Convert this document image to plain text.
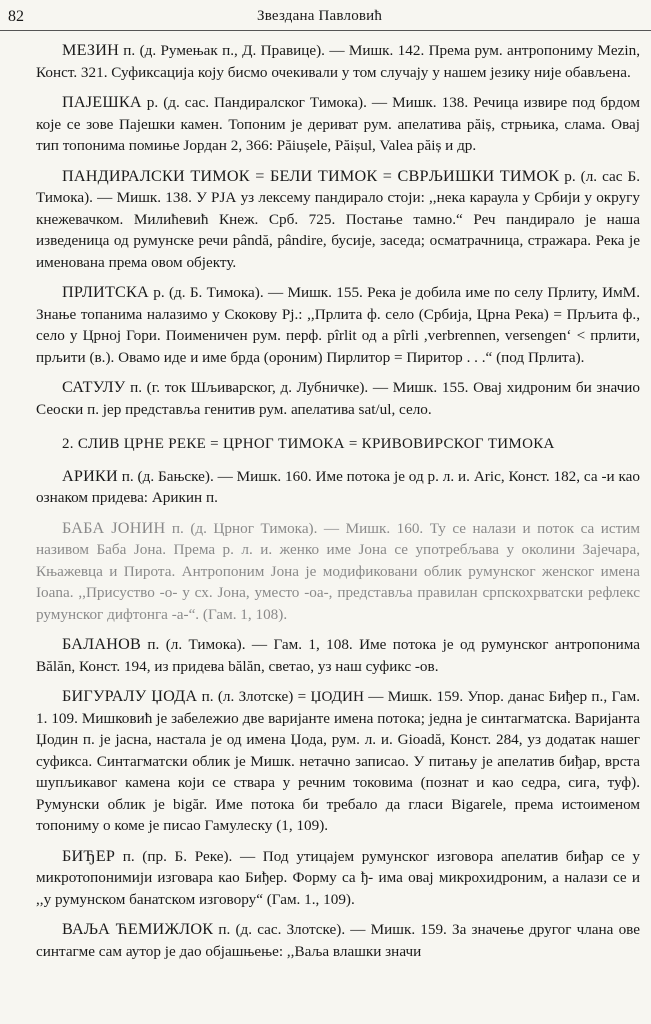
82	Звездана Павловић

МЕЗИН п. (д. Румењак п., Д. Правице). — Мишк. 142. Према рум. антропониму Mezin, Конст. 321. Суфиксација коју бисмо очекивали у том случају у нашем језику није обављена.

ПАЈЕШКА р. (д. сас. Пандиралског Тимока). — Мишк. 138. Речица извире под брдом које се зове Пајешки камен. Топоним је дериват рум. апелатива păiș, стрњика, слама. Овај тип топонима помиње Јордан 2, 366: Păiușele, Păișul, Valea păiș и др.

ПАНДИРАЛСКИ ТИМОК = БЕЛИ ТИМОК = СВРЉИШКИ ТИМОК р. (л. сас Б. Тимока). — Мишк. 138. У РЈА уз лексему пандирало стоји: ,,нека караула у Србији у округу кнежевачком. Милићевић Кнеж. Срб. 725. Постање тамно.“ Реч пандирало је наша изведеница од румунске речи pândă, pândire, бусије, заседа; осматрачница, стражара. Река је именована према овом објекту.

ПРЛИТСКА р. (д. Б. Тимока). — Мишк. 155. Река је добила име по селу Прлиту, ИмМ. Знање топанима налазимо у Скокову Рј.: ,,Прлита ф. село (Србија, Црна Река) = Прљита ф., село у Црној Гори. Поименичен рум. перф. pîrlit од a pîrli ,verbrennen, versengen‘ < прлити, прљити (в.). Овамо иде и име брда (ороним) Пирлитор = Пиритор . . .“ (под Прлита).

САТУЛУ п. (г. ток Шљиварског, д. Лубничке). — Мишк. 155. Овај хидроним би значио Сеоски п. јер представља генитив рум. апелатива sat/ul, село.

2. СЛИВ ЦРНЕ РЕКЕ = ЦРНОГ ТИМОКА = КРИВОВИРСКОГ ТИМОКА

АРИКИ п. (д. Бањске). — Мишк. 160. Име потока је од р. л. и. Aric, Конст. 182, са -и као ознаком придева: Арикин п.

БАБА ЈОНИН п. (д. Црног Тимока). — Мишк. 160. Ту се налази и поток са истим називом Баба Јона. Према р. л. и. женко име Јона се употребљава у околини Зајечара, Књажевца и Пирота. Антропоним Јона је модификовани облик румунског женског имена Ioana. ,,Присуство -о- у сх. Јона, уместо -оа-, представља правилан српскохрватски рефлекс румунског дифтонга -а-“. (Гам. 1, 108).

БАЛАНОВ п. (л. Тимока). — Гам. 1, 108. Име потока је од румунског антропонима Bălăn, Конст. 194, из придева bălăn, светао, уз наш суфикс -ов.

БИГУРАЛУ ЏОДА п. (л. Злотске) = ЏОДИН — Мишк. 159. Упор. данас Биђер п., Гам. 1. 109. Мишковић је забележио две варијанте имена потока; једна је синтагматска. Варијанта Џодин п. је јасна, настала је од имена Џода, рум. л. и. Gioadă, Конст. 284, уз додатак нашег суфикса. Синтагматски облик је Мишк. нетачно записао. У питању је апелатив биђар, врста шупљикавог камена који се ствара у речним токовима (познат и као седра, сига, туф). Румунски облик је bigăr. Име потока би требало да гласи Bigarele, према истоименом топониму о коме је писао Гамулеску (1, 109).

БИЂЕР п. (пр. Б. Реке). — Под утицајем румунског изговора апелатив биђар се у микротопонимији изговара као Биђер. Форму са ђ- има овај микрохидроним, а налази се и ,,у румунском банатском изговору“ (Гам. 1., 109).

ВАЉА ЋЕМИЖЛОК п. (д. сас. Злотске). — Мишк. 159. За значење другог члана ове синтагме сам аутор је дао објашњење: ,,Ваља влашки значи
